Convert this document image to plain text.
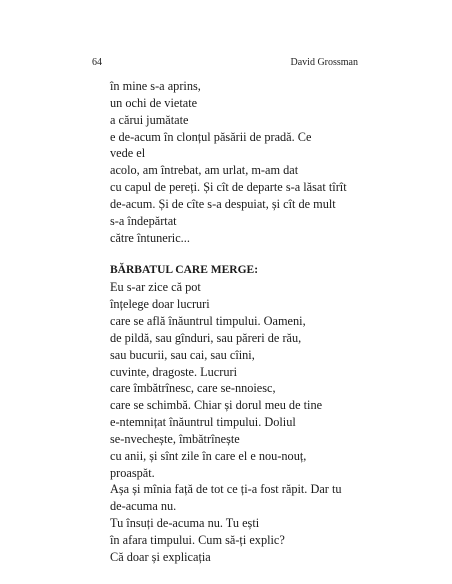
64	David Grossman
în mine s-a aprins,
un ochi de vietate
a cărui jumătate
e de-acum în clonțul păsării de pradă. Ce
vede el
acolo, am întrebat, am urlat, m-am dat
cu capul de pereți. Și cît de departe s-a lăsat tîrît
de-acum. Și de cîte s-a despuiat, și cît de mult
s-a îndepărtat
către întuneric...
BĂRBATUL CARE MERGE:
Eu s-ar zice că pot
înțelege doar lucruri
care se află înăuntrul timpului. Oameni,
de pildă, sau gînduri, sau păreri de rău,
sau bucurii, sau cai, sau cîini,
cuvinte, dragoste. Lucruri
care îmbătrînesc, care se-nnoiesc,
care se schimbă. Chiar și dorul meu de tine
e-ntemnițat înăuntrul timpului. Doliul
se-nvechește, îmbătrînește
cu anii, și sînt zile în care el e nou-nouț,
proaspăt.
Așa și mînia față de tot ce ți-a fost răpit. Dar tu
de-acuma nu.
Tu însuți de-acuma nu. Tu ești
în afara timpului. Cum să-ți explic?
Că doar și explicația
